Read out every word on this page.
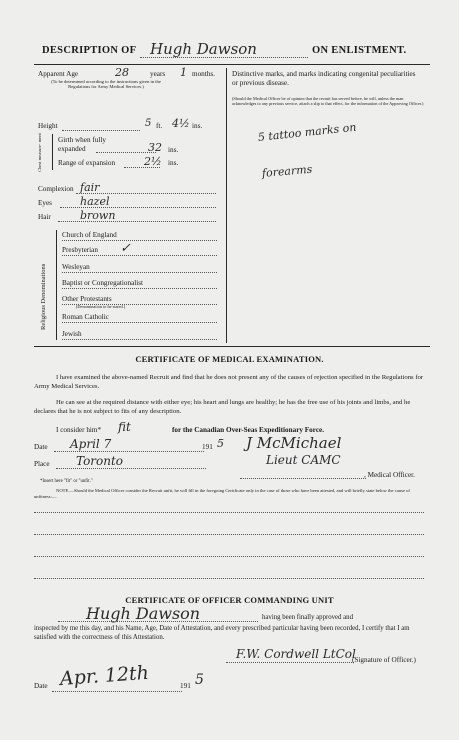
DESCRIPTION OF Hugh Dawson	ON ENLISTMENT.
Apparent Age	28	years 1 months.
(To be determined according to the instructions given in the Regulations for Army Medical Services.)
Distinctive marks, and marks indicating congenital peculiarities or previous disease.
(Should the Medical Officer be of opinion that the recruit has served before, he will, unless the man acknowledges to any previous service, attach a slip to that effect, for the information of the Approving Officer.)
5 tattoo marks on
forearms
Height	5 ft. 4½ ins.
Chest measure- ment Girth when fully expanded	32 ins.
Range of expansion	2½ ins.
Complexion fair
Eyes	hazel
Hair	brown
Religious Denominations
Church of England
Presbyterian ✓
Wesleyan
Baptist or Congregationalist
Other Protestants
Roman Catholic
Jewish
(Denomination to be stated.)
CERTIFICATE OF MEDICAL EXAMINATION.
I have examined the above-named Recruit and find that he does not present any of the causes of rejection specified in the Regulations for Army Medical Services.
He can see at the required distance with either eye; his heart and lungs are healthy; he has the free use of his joints and limbs, and he declares that he is not subject to fits of any description.
I consider him* fit	for the Canadian Over-Seas Expeditionary Force.
Date April 7	191 5 J McMichael
Place Toronto	Lieut CAMC
, Medical Officer.
*Insert here "fit" or "unfit."
NOTE.—Should the Medical Officer consider the Recruit unfit, he will fill in the foregoing Certificate only in the case of those who have been attested, and will briefly state below the cause of unfitness:—
CERTIFICATE OF OFFICER COMMANDING UNIT
Hugh Dawson	having been finally approved and
inspected by me this day, and his Name, Age, Date of Attestation, and every prescribed particular having been recorded, I certify that I am satisfied with the correctness of this Attestation.
F.W. Cordwell LtCol
(Signature of Officer.)
Date Apr. 12th	191 5
